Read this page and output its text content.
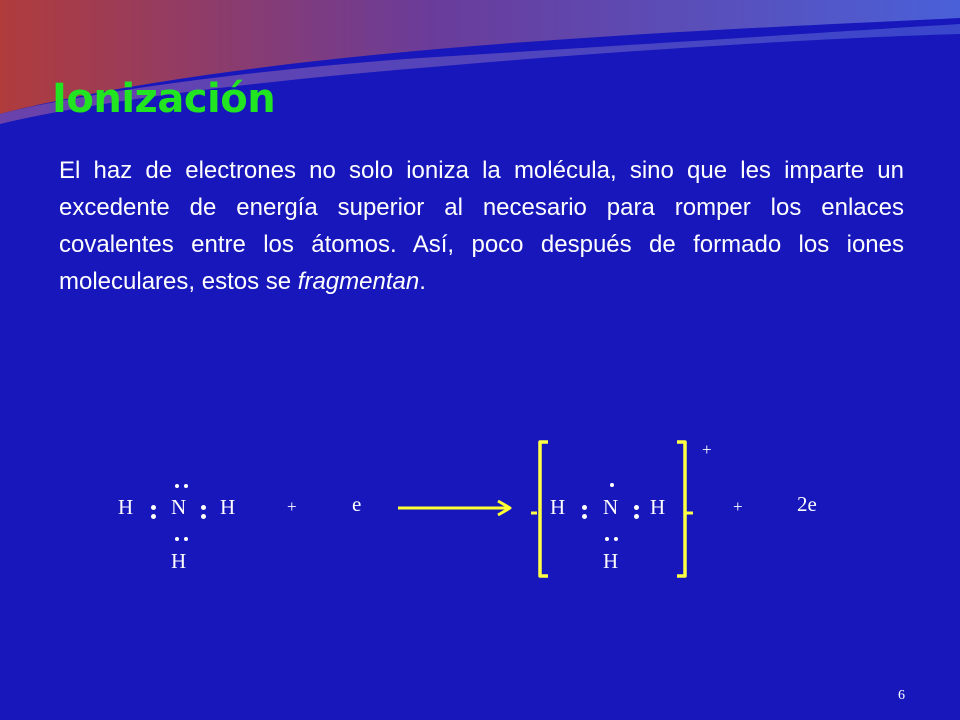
Ionización

El haz de electrones no solo ioniza la molécula, sino que les imparte un excedente de energía superior al necesario para romper los enlaces covalentes entre los átomos. Así, poco después de formado los iones moleculares, estos se fragmentan.

H N H
H
+	e	H N H
H
+
+	2e
6
